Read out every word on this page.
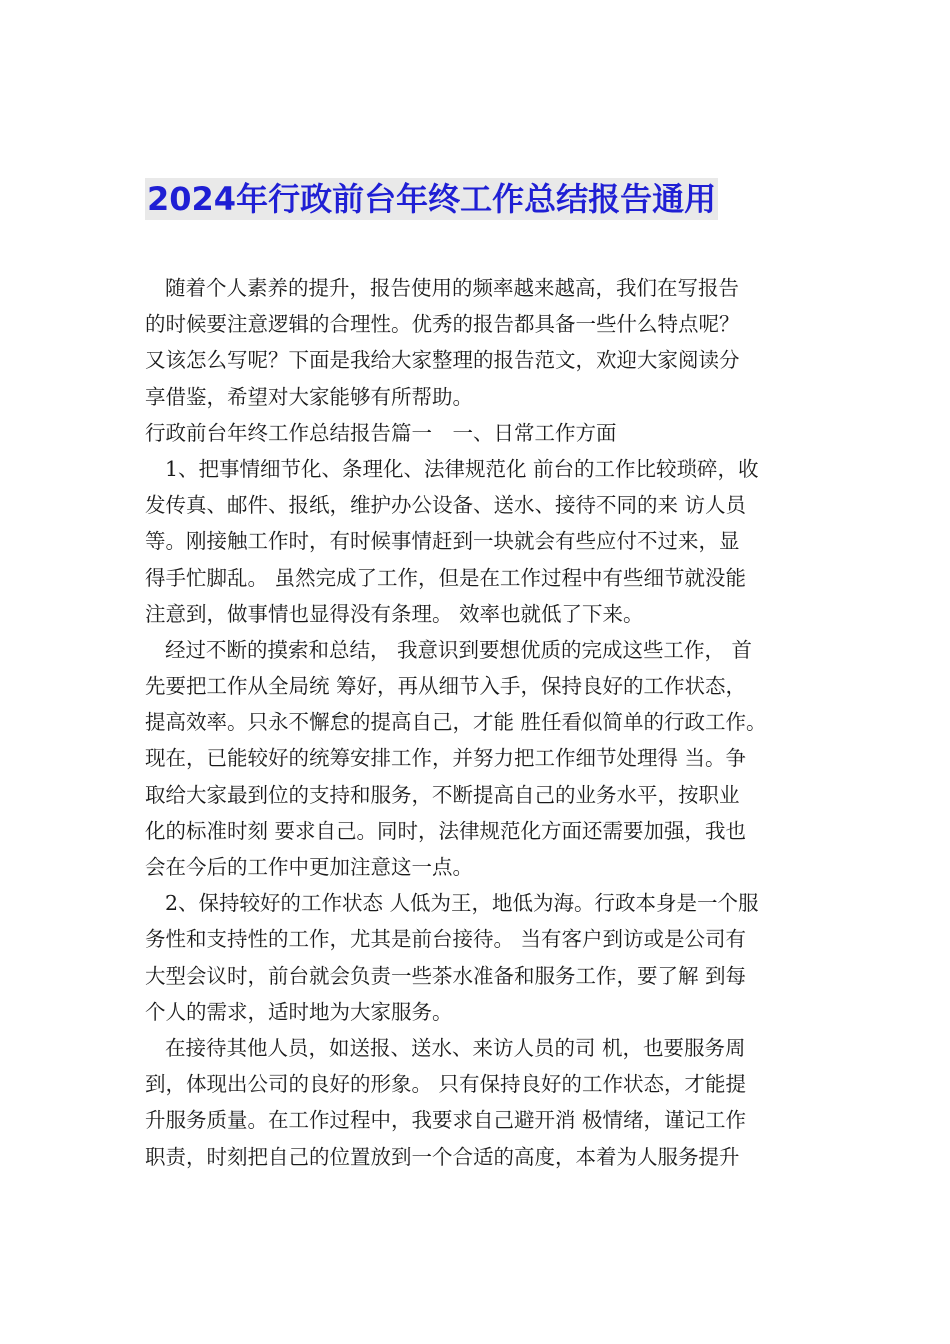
2024年行政前台年终工作总结报告通用
随着个人素养的提升，报告使用的频率越来越高，我们在写报告
的时候要注意逻辑的合理性。优秀的报告都具备一些什么特点呢？
又该怎么写呢？下面是我给大家整理的报告范文，欢迎大家阅读分
享借鉴，希望对大家能够有所帮助。
行政前台年终工作总结报告篇一　一、日常工作方面
1、把事情细节化、条理化、法律规范化 前台的工作比较琐碎，收
发传真、邮件、报纸，维护办公设备、送水、接待不同的来 访人员
等。刚接触工作时，有时候事情赶到一块就会有些应付不过来，显
得手忙脚乱。 虽然完成了工作，但是在工作过程中有些细节就没能
注意到，做事情也显得没有条理。 效率也就低了下来。
经过不断的摸索和总结， 我意识到要想优质的完成这些工作， 首
先要把工作从全局统 筹好，再从细节入手，保持良好的工作状态，
提高效率。只永不懈怠的提高自己，才能 胜任看似简单的行政工作。
现在，已能较好的统筹安排工作，并努力把工作细节处理得 当。争
取给大家最到位的支持和服务，不断提高自己的业务水平，按职业
化的标准时刻 要求自己。同时，法律规范化方面还需要加强，我也
会在今后的工作中更加注意这一点。
2、保持较好的工作状态 人低为王，地低为海。行政本身是一个服
务性和支持性的工作，尤其是前台接待。 当有客户到访或是公司有
大型会议时，前台就会负责一些茶水准备和服务工作，要了解 到每
个人的需求，适时地为大家服务。
在接待其他人员，如送报、送水、来访人员的司 机，也要服务周
到，体现出公司的良好的形象。 只有保持良好的工作状态，才能提
升服务质量。在工作过程中，我要求自己避开消 极情绪，谨记工作
职责，时刻把自己的位置放到一个合适的高度，本着为人服务提升
